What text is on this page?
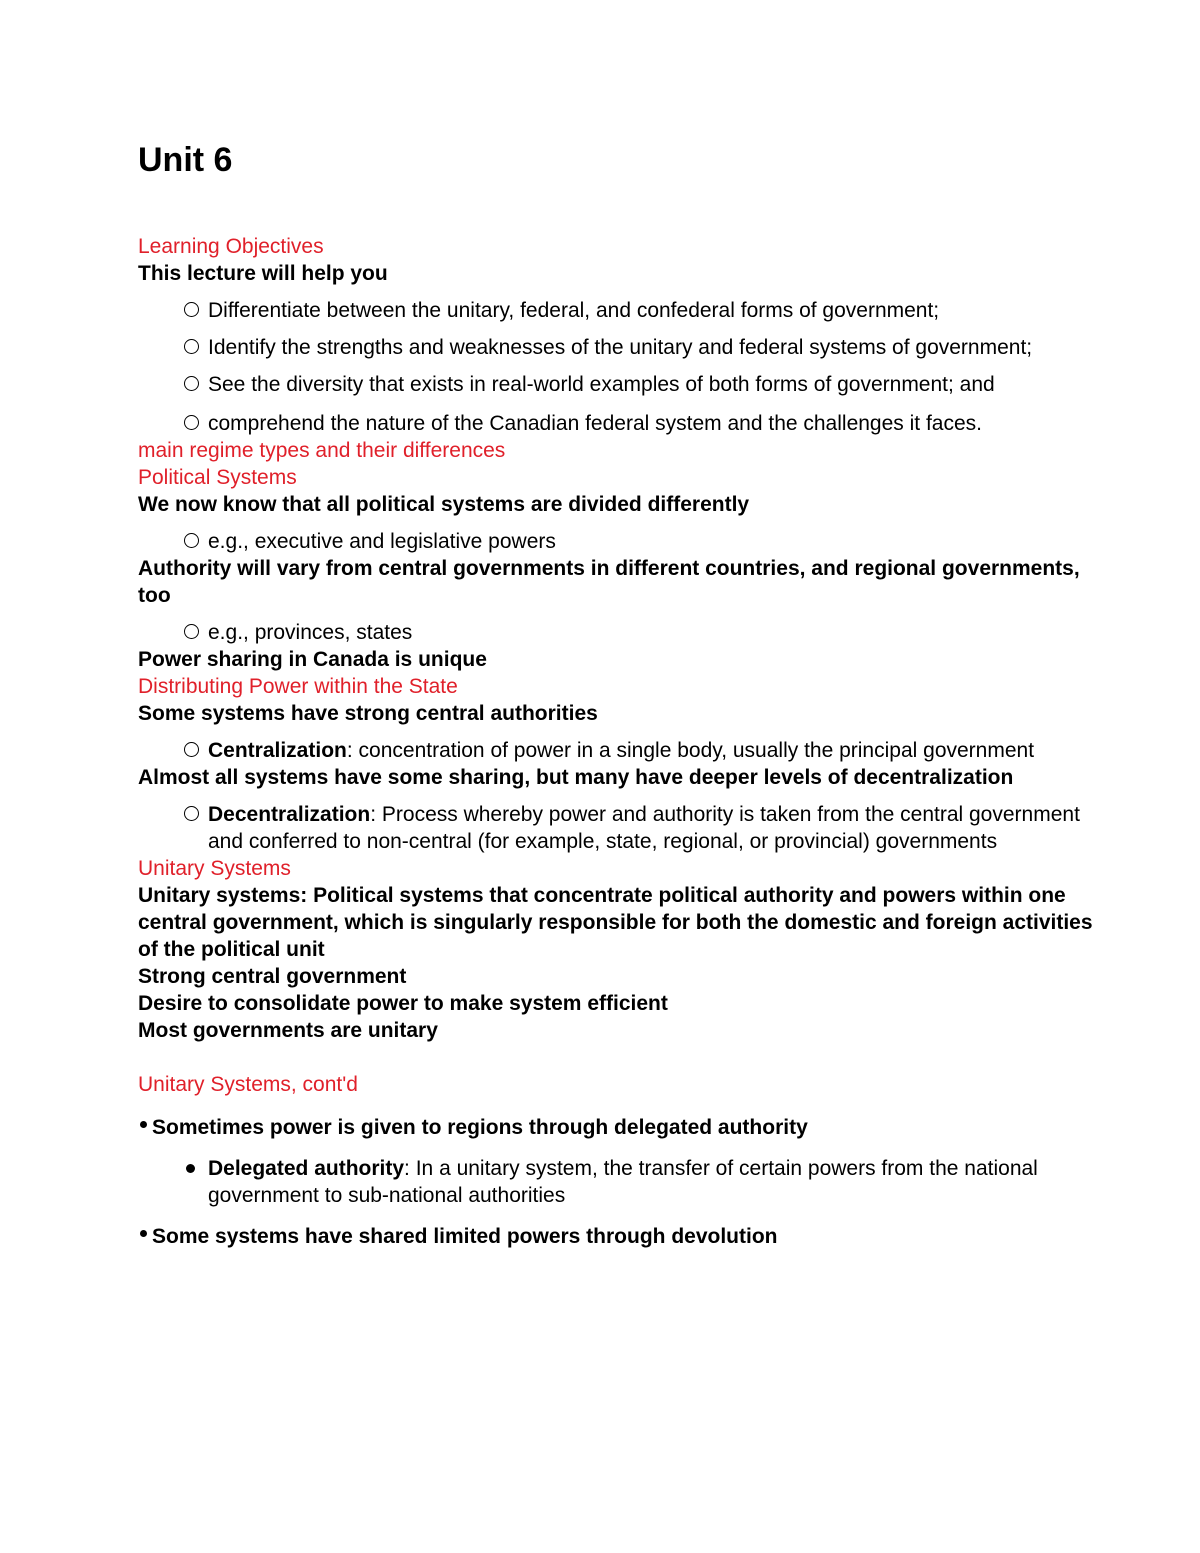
Unit 6
Learning Objectives
This lecture will help you
Differentiate between the unitary, federal, and confederal forms of government;
Identify the strengths and weaknesses of the unitary and federal systems of government;
See the diversity that exists in real-world examples of both forms of government; and
comprehend the nature of the Canadian federal system and the challenges it faces.
main regime types and their differences
Political Systems
We now know that all political systems are divided differently
e.g., executive and legislative powers
Authority will vary from central governments in different countries, and regional governments, too
e.g., provinces, states
Power sharing in Canada is unique
Distributing Power within the State
Some systems have strong central authorities
Centralization: concentration of power in a single body, usually the principal government
Almost all systems have some sharing, but many have deeper levels of decentralization
Decentralization: Process whereby power and authority is taken from the central government and conferred to non-central (for example, state, regional, or provincial) governments
Unitary Systems
Unitary systems: Political systems that concentrate political authority and powers within one central government, which is singularly responsible for both the domestic and foreign activities of the political unit
Strong central government
Desire to consolidate power to make system efficient
Most governments are unitary
Unitary Systems, cont'd
Sometimes power is given to regions through delegated authority
Delegated authority: In a unitary system, the transfer of certain powers from the national government to sub-national authorities
Some systems have shared limited powers through devolution
